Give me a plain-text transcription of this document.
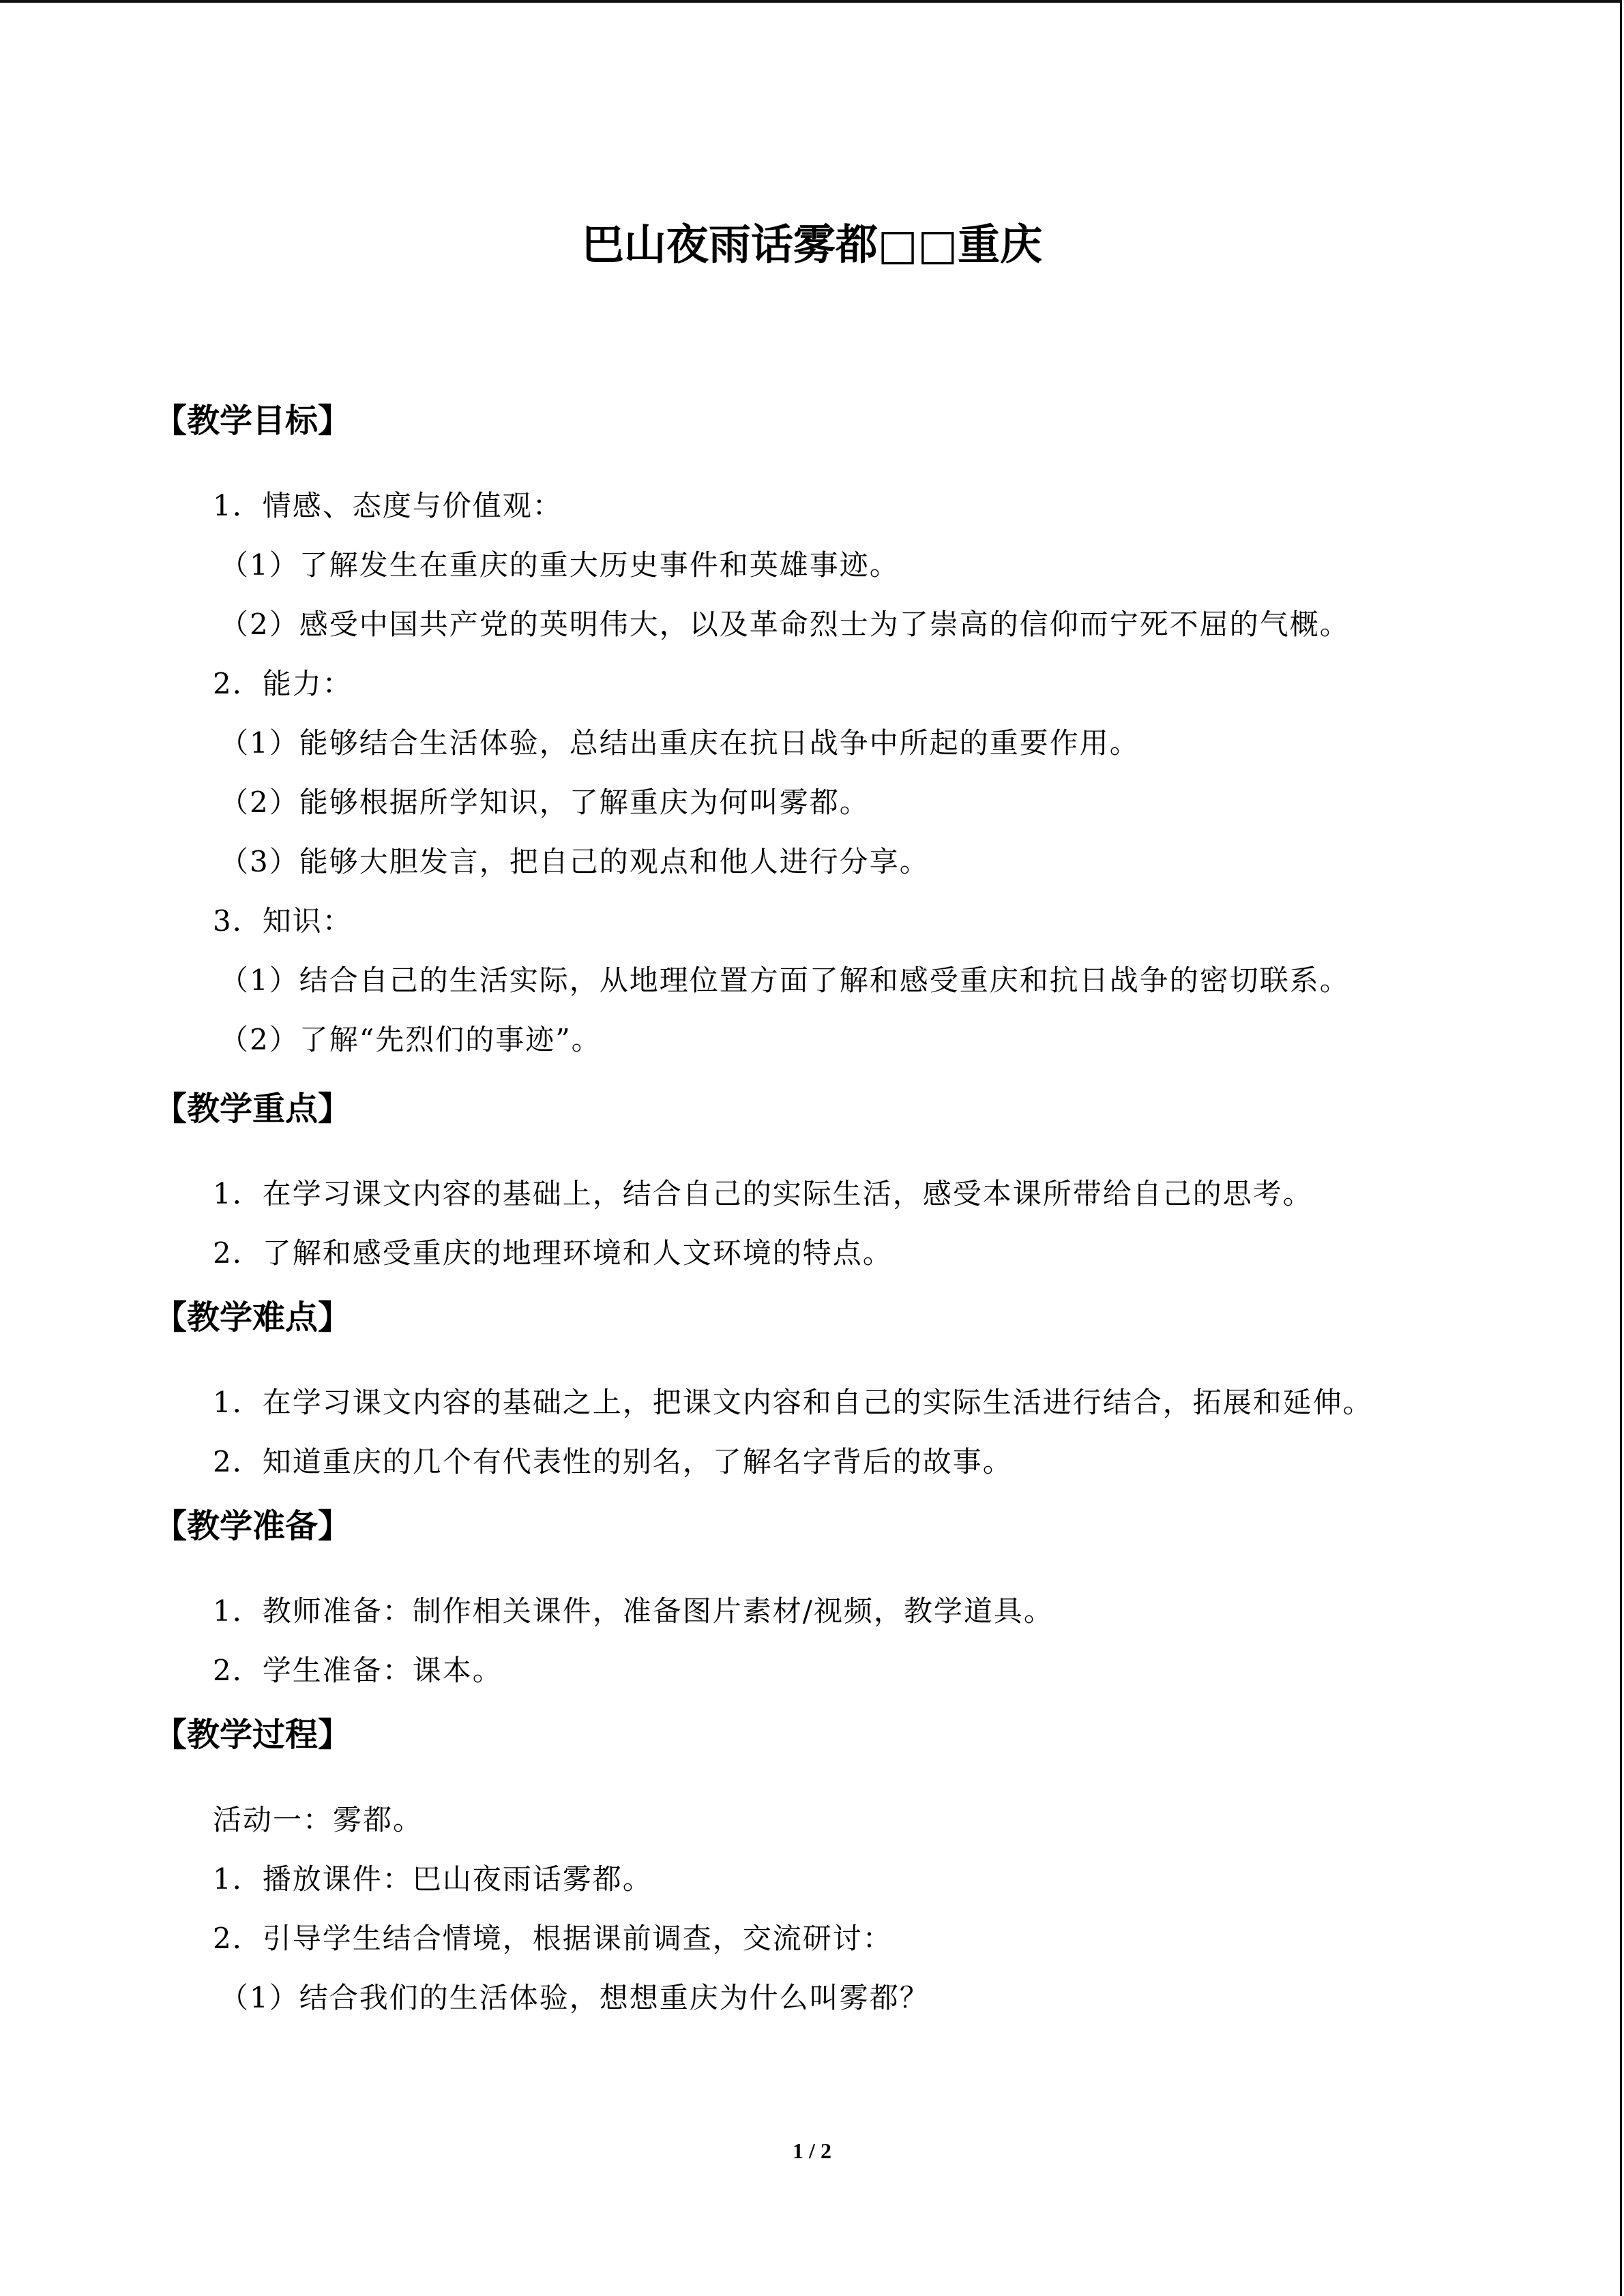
巴山夜雨话雾都□□重庆
【教学目标】
1．情感、态度与价值观：
（1）了解发生在重庆的重大历史事件和英雄事迹。
（2）感受中国共产党的英明伟大，以及革命烈士为了崇高的信仰而宁死不屈的气概。
2．能力：
（1）能够结合生活体验，总结出重庆在抗日战争中所起的重要作用。
（2）能够根据所学知识，了解重庆为何叫雾都。
（3）能够大胆发言，把自己的观点和他人进行分享。
3．知识：
（1）结合自己的生活实际，从地理位置方面了解和感受重庆和抗日战争的密切联系。
（2）了解“先烈们的事迹”。
【教学重点】
1．在学习课文内容的基础上，结合自己的实际生活，感受本课所带给自己的思考。
2．了解和感受重庆的地理环境和人文环境的特点。
【教学难点】
1．在学习课文内容的基础之上，把课文内容和自己的实际生活进行结合，拓展和延伸。
2．知道重庆的几个有代表性的别名，了解名字背后的故事。
【教学准备】
1．教师准备：制作相关课件，准备图片素材/视频，教学道具。
2．学生准备：课本。
【教学过程】
活动一：雾都。
1．播放课件：巴山夜雨话雾都。
2．引导学生结合情境，根据课前调查，交流研讨：
（1）结合我们的生活体验，想想重庆为什么叫雾都？
1 / 2
